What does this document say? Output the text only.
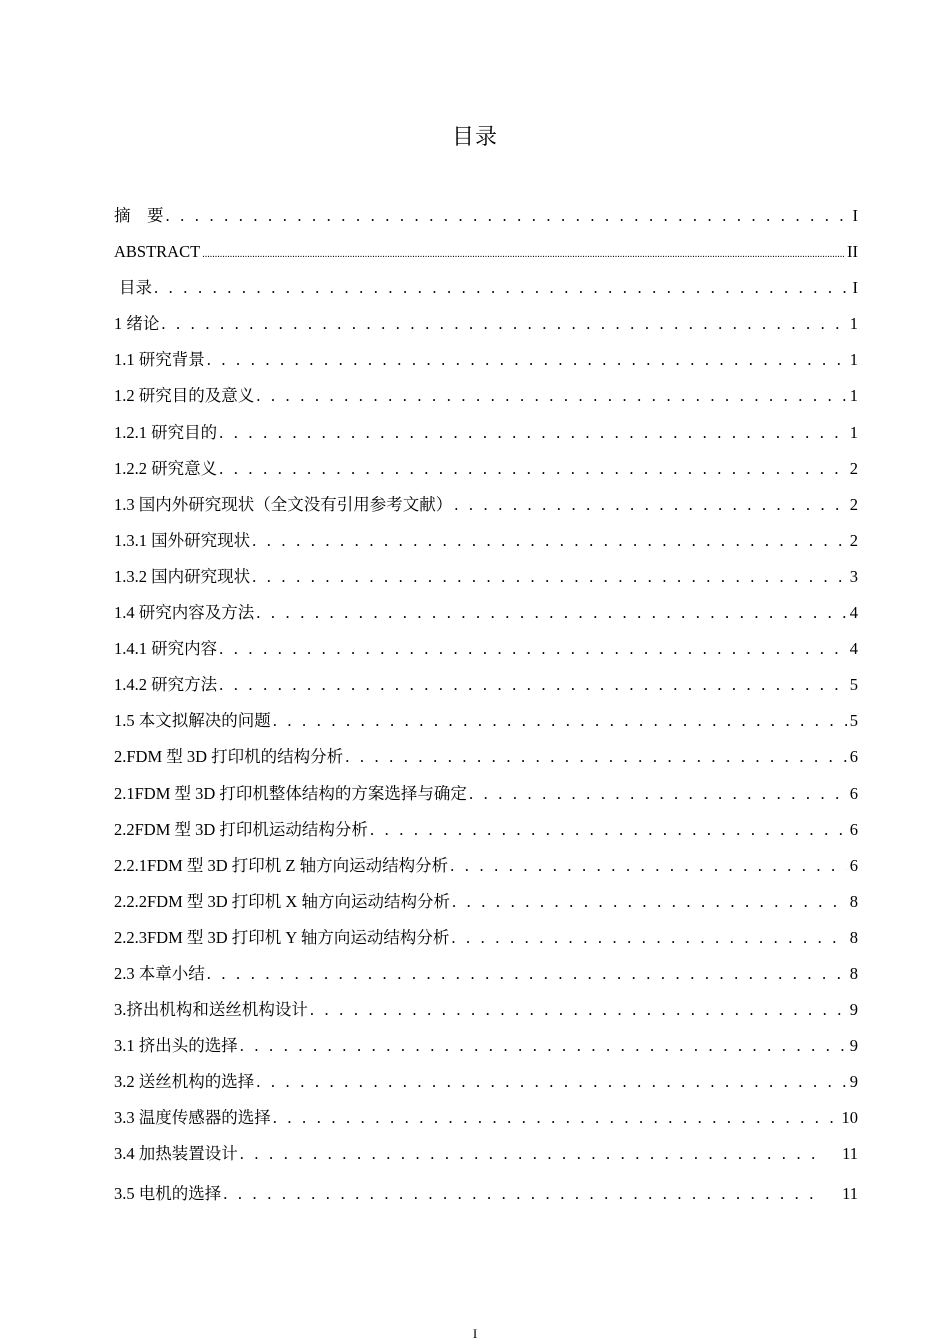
目录
摘　要 . . .	I
ABSTRACT .....	II
目录 . . .	I
1 绪论 . . .	1
1.1 研究背景 . . .	1
1.2 研究目的及意义 . . .	1
1.2.1 研究目的 . . .	1
1.2.2 研究意义 . . .	2
1.3 国内外研究现状（全文没有引用参考文献） . . .	2
1.3.1 国外研究现状 . . .	2
1.3.2 国内研究现状 . . .	3
1.4 研究内容及方法 . . .	4
1.4.1 研究内容 . . .	4
1.4.2 研究方法 . . .	5
1.5 本文拟解决的问题 . . .	5
2.FDM 型 3D 打印机的结构分析 . . .	6
2.1FDM 型 3D 打印机整体结构的方案选择与确定 . . .	6
2.2FDM 型 3D 打印机运动结构分析 . . .	6
2.2.1FDM 型 3D 打印机 Z 轴方向运动结构分析 . . .	6
2.2.2FDM 型 3D 打印机 X 轴方向运动结构分析 . . .	8
2.2.3FDM 型 3D 打印机 Y 轴方向运动结构分析 . . .	8
2.3 本章小结 . . .	8
3.挤出机构和送丝机构设计 . . .	9
3.1 挤出头的选择 . . .	9
3.2 送丝机构的选择 . . .	9
3.3 温度传感器的选择 . . .	10
3.4 加热装置设计 . . .	11
3.5 电机的选择 . . .	11
I
